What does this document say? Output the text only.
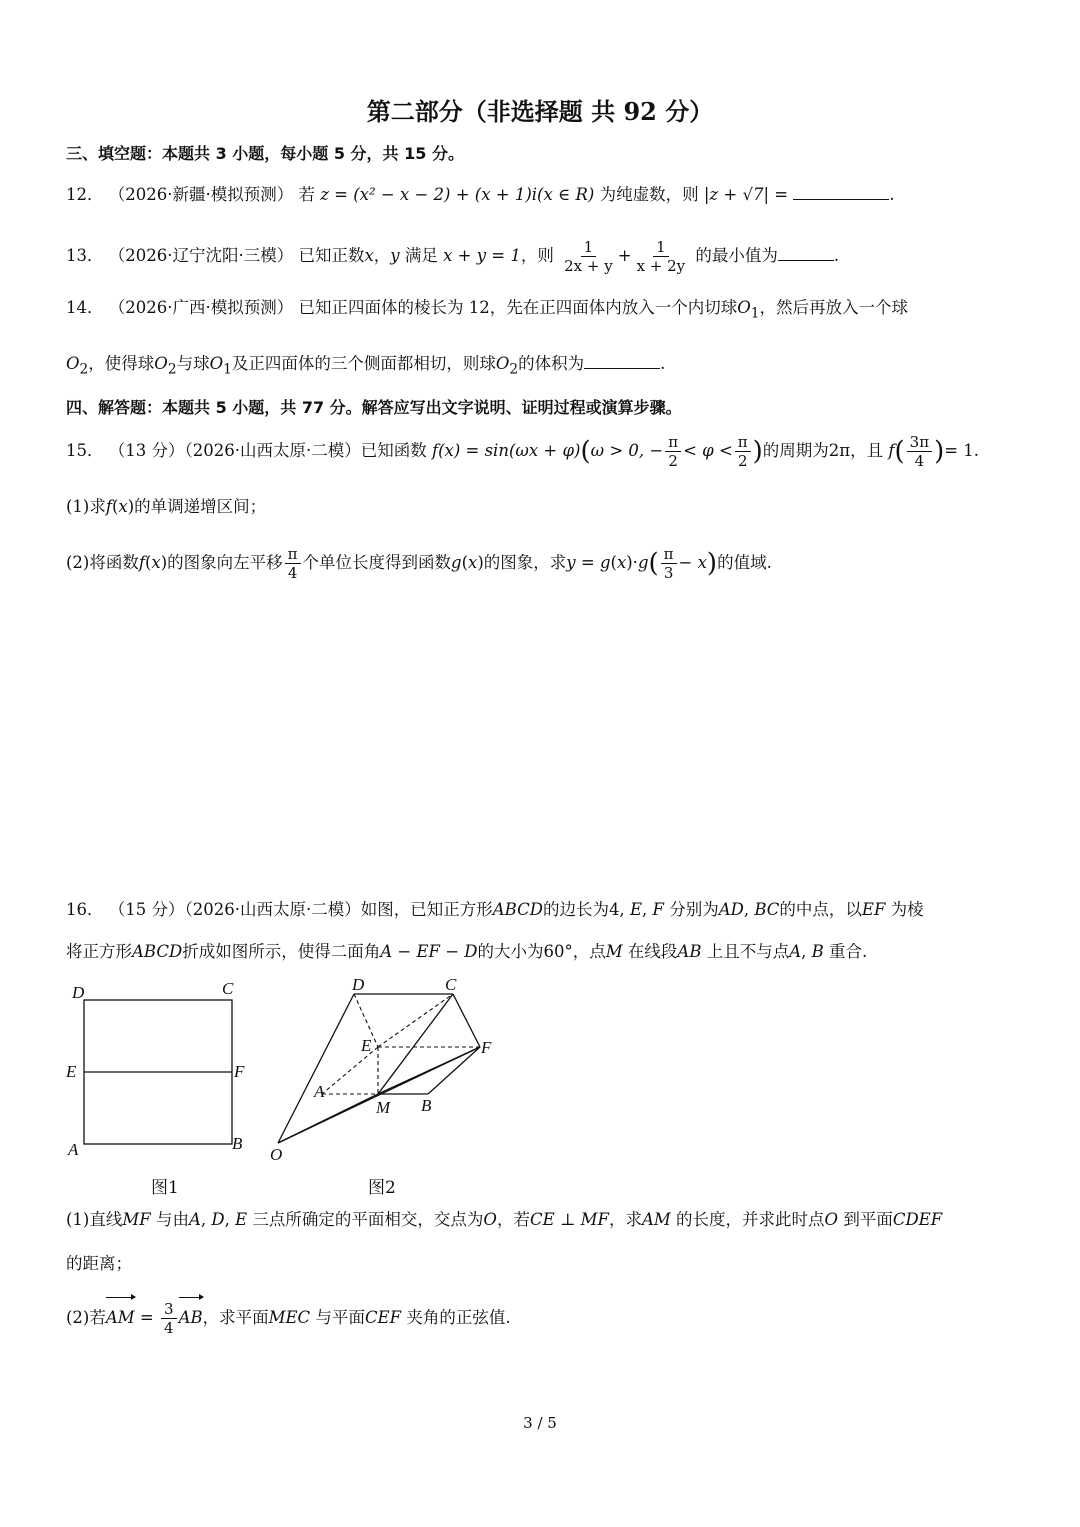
第二部分（非选择题 共 92 分）
三、填空题：本题共 3 小题，每小题 5 分，共 15 分。
12． （2026·新疆·模拟预测） 若 z = (x² − x − 2) + (x + 1)i(x ∈ R) 为纯虚数，则 |z + √7| =	.
13． （2026·辽宁沈阳·三模） 已知正数x，y 满足 x + y = 1，则 $\frac{1}{2x + y} + \frac{1}{x + 2y}$ 的最小值为	.
14． （2026·广西·模拟预测） 已知正四面体的棱长为 12，先在正四面体内放入一个内切球$O_1$，然后再放入一个球
$O_2$，使得球$O_2$与球$O_1$及正四面体的三个侧面都相切，则球$O_2$的体积为	.
四、解答题：本题共 5 小题，共 77 分。解答应写出文字说明、证明过程或演算步骤。
15． （13 分）（2026·山西太原·二模）已知函数 f(x) = sin(ωx + φ)(ω > 0, − $\frac{\pi}{2} < \varphi < \frac{\pi}{2}$ )的周期为2π，且 $f( \frac{3\pi}{4}$ )= 1.
(1)求f(x)的单调递增区间；
(2)将函数f(x)的图象向左平移 $\frac{\pi}{4}$ 个单位长度得到函数g(x)的图象，求$y = g(x)\cdot g( \frac{\pi}{3} - x)$的值域.
16． （15 分）（2026·山西太原·二模）如图，已知正方形ABCD的边长为4, E, F 分别为AD, BC的中点，以EF 为棱
将正方形ABCD折成如图所示，使得二面角A − EF − D的大小为60°，点M 在线段AB 上且不与点A, B 重合.
D	C
E	F
A	B
图1
D	C
E	F
A
M B
O
图2
(1)直线MF 与由A, D, E 三点所确定的平面相交，交点为O，若CE ⊥ MF，求AM 的长度，并求此时点O 到平面CDEF
的距离；
(2)若AM = $\frac{3}{4}$ AB，求平面MEC 与平面CEF 夹角的正弦值.
3 / 5
